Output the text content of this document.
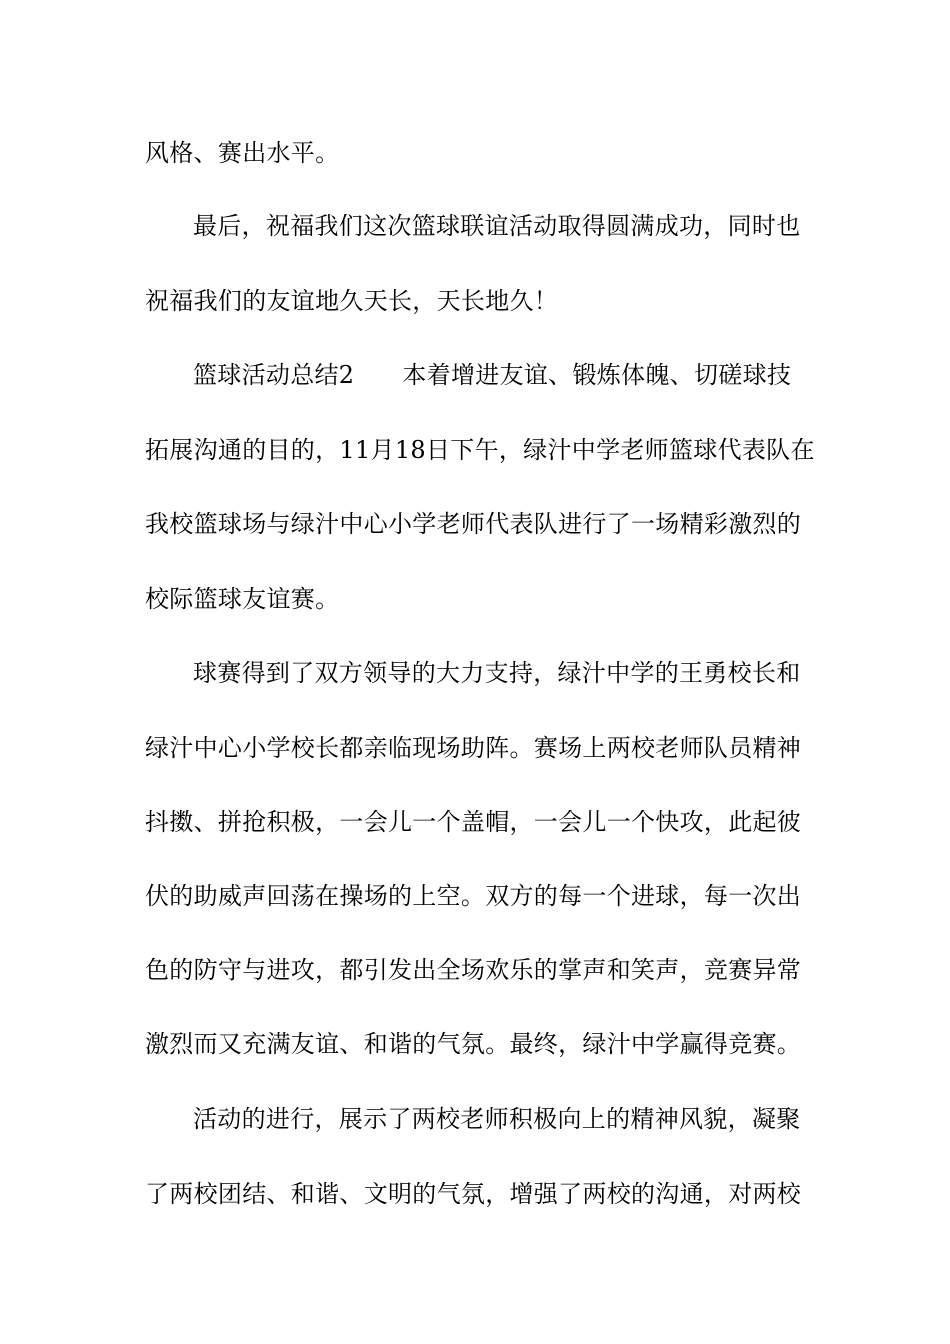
风格、赛出水平。
最后，祝福我们这次篮球联谊活动取得圆满成功，同时也
祝福我们的友谊地久天长，天长地久！
篮球活动总结2 本着增进友谊、锻炼体魄、切磋球技
拓展沟通的目的，11月18日下午，绿汁中学老师篮球代表队在
我校篮球场与绿汁中心小学老师代表队进行了一场精彩激烈的
校际篮球友谊赛。
球赛得到了双方领导的大力支持，绿汁中学的王勇校长和
绿汁中心小学校长都亲临现场助阵。赛场上两校老师队员精神
抖擞、拼抢积极，一会儿一个盖帽，一会儿一个快攻，此起彼
伏的助威声回荡在操场的上空。双方的每一个进球，每一次出
色的防守与进攻，都引发出全场欢乐的掌声和笑声，竞赛异常
激烈而又充满友谊、和谐的气氛。最终，绿汁中学赢得竞赛。
活动的进行，展示了两校老师积极向上的精神风貌，凝聚
了两校团结、和谐、文明的气氛，增强了两校的沟通，对两校
